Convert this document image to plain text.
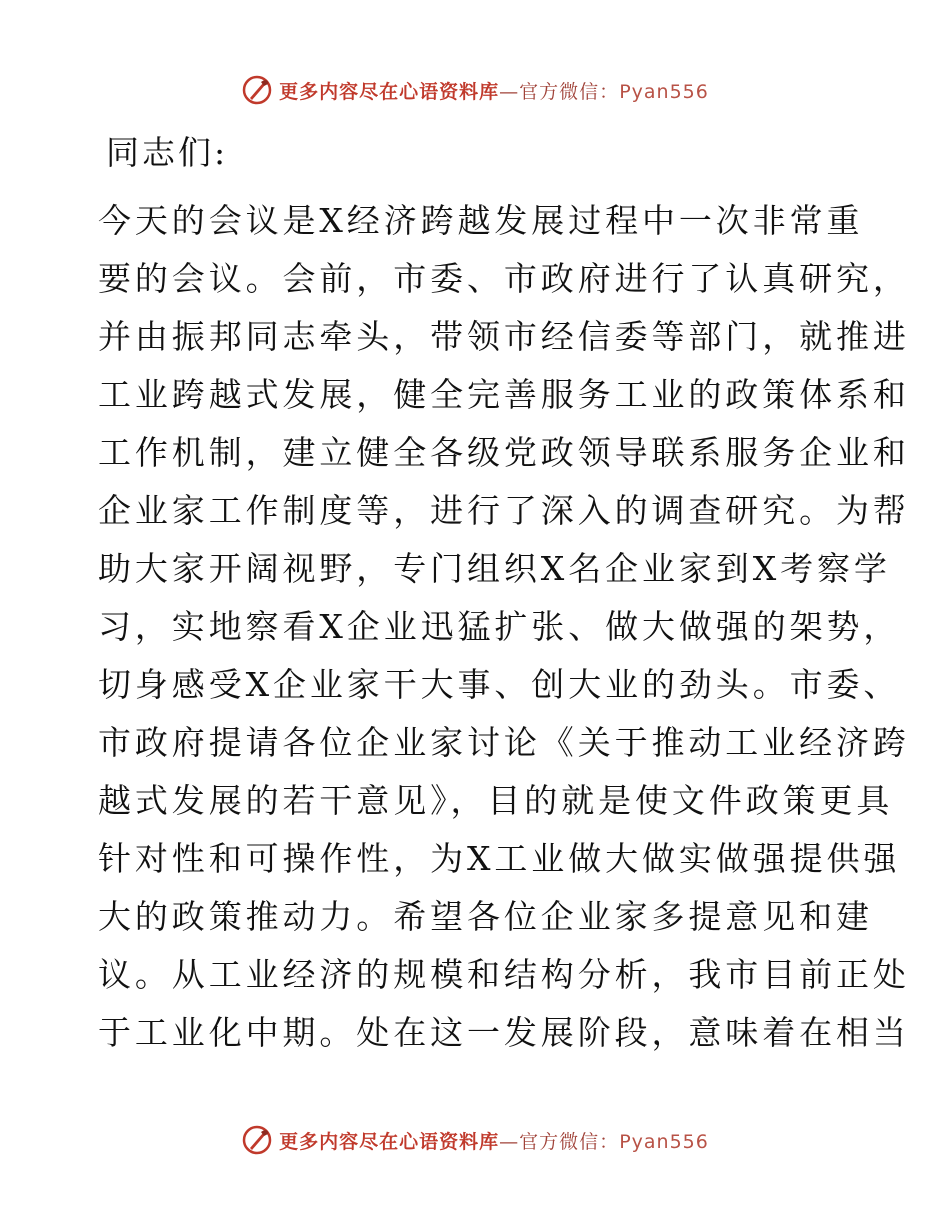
更多内容尽在心语资料库—官方微信：Pyan556
同志们:
今天的会议是X经济跨越发展过程中一次非常重
要的会议。会前，市委、市政府进行了认真研究，
并由振邦同志牵头，带领市经信委等部门，就推进
工业跨越式发展，健全完善服务工业的政策体系和
工作机制，建立健全各级党政领导联系服务企业和
企业家工作制度等，进行了深入的调查研究。为帮
助大家开阔视野，专门组织X名企业家到X考察学
习，实地察看X企业迅猛扩张、做大做强的架势，
切身感受X企业家干大事、创大业的劲头。市委、
市政府提请各位企业家讨论《关于推动工业经济跨
越式发展的若干意见》，目的就是使文件政策更具
针对性和可操作性，为X工业做大做实做强提供强
大的政策推动力。希望各位企业家多提意见和建
议。从工业经济的规模和结构分析，我市目前正处
于工业化中期。处在这一发展阶段，意味着在相当
更多内容尽在心语资料库—官方微信：Pyan556
